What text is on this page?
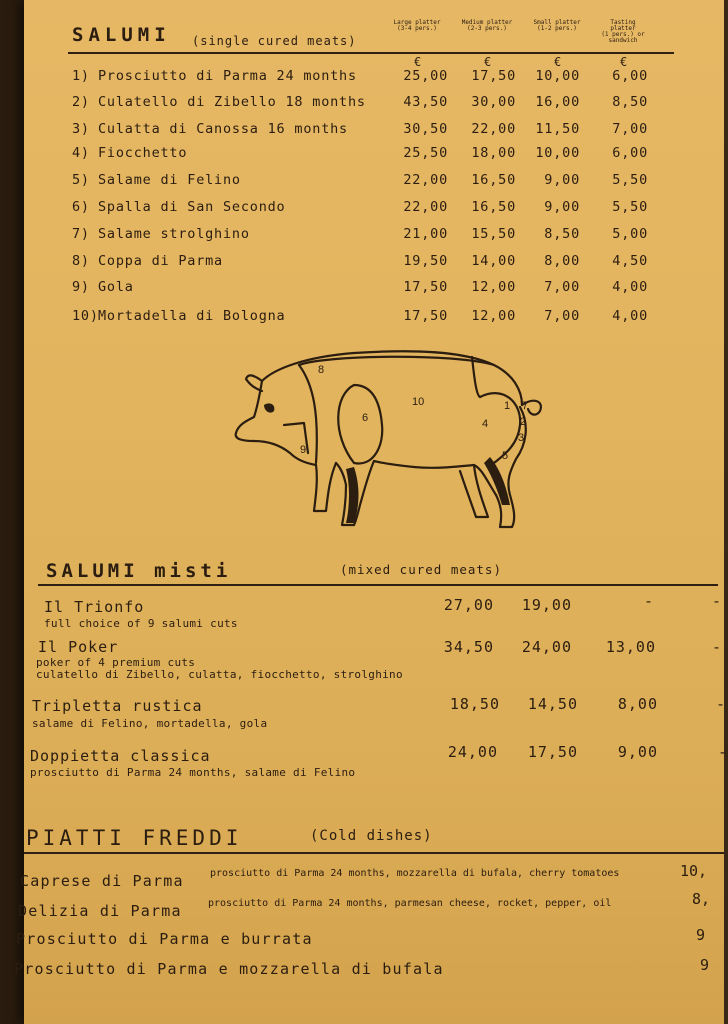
SALUMI (single cured meats)
Large platter
(3-4 pers.)
Medium platter
(2-3 pers.)
Small platter
(1-2 pers.)
Tasting platter
(1 pers.) or sandwich
€	€	€	€
1) Prosciutto di Parma 24 months	25,00	17,50	10,00	6,00
2) Culatello di Zibello 18 months	43,50	30,00	16,00	8,50
3) Culatta di Canossa 16 months	30,50	22,00	11,50	7,00
4) Fiocchetto	25,50	18,00	10,00	6,00
5) Salame di Felino	22,00	16,50	9,00	5,50
6) Spalla di San Secondo	22,00	16,50	9,00	5,50
7) Salame strolghino	21,00	15,50	8,50	5,00
8) Coppa di Parma	19,50	14,00	8,00	4,50
9) Gola	17,50	12,00	7,00	4,00
10) Mortadella di Bologna	17,50	12,00	7,00	4,00
8
10
6
9
1 7
4	2
3
5
SALUMI misti	(mixed cured meats)
Il Trionfo
full choice of 9 salumi cuts
27,00	19,00	-	-
Il Poker
poker of 4 premium cuts
culatello di Zibello, culatta, fiocchetto, strolghino
34,50	24,00	13,00	-
Tripletta rustica
salame di Felino, mortadella, gola
18,50	14,50	8,00	-
Doppietta classica
prosciutto di Parma 24 months, salame di Felino
24,00	17,50	9,00	-
PIATTI FREDDI	(Cold dishes)
Caprese di Parma	prosciutto di Parma 24 months, mozzarella di bufala, cherry tomatoes	10,
Delizia di Parma	prosciutto di Parma 24 months, parmesan cheese, rocket, pepper, oil	8,
Prosciutto di Parma e burrata	9
Prosciutto di Parma e mozzarella di bufala	9
